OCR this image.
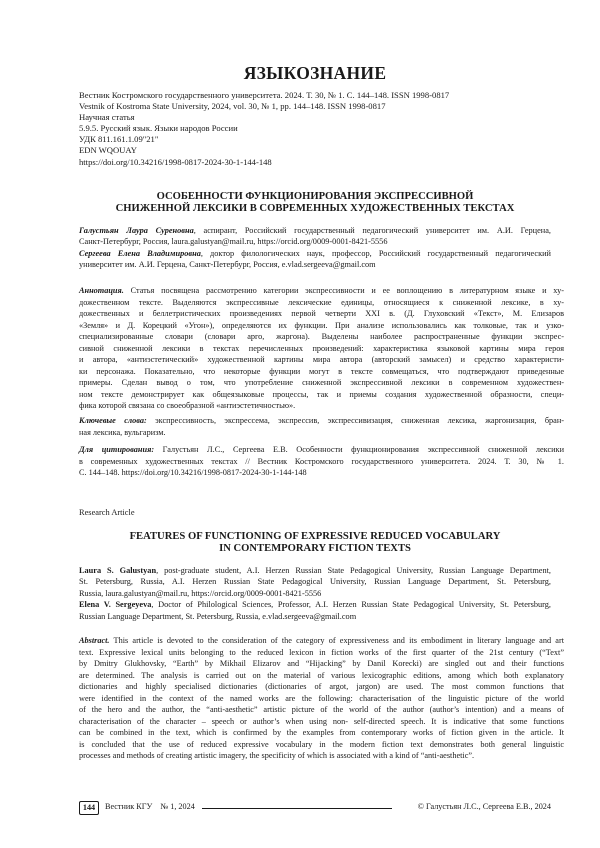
ЯЗЫКОЗНАНИЕ
Вестник Костромского государственного университета. 2024. Т. 30, № 1. С. 144–148. ISSN 1998-0817
Vestnik of Kostroma State University, 2024, vol. 30, № 1, pp. 144–148. ISSN 1998-0817
Научная статья
5.9.5. Русский язык. Языки народов России
УДК 811.161.1.09"21"
EDN WQOUAY
https://doi.org/10.34216/1998-0817-2024-30-1-144-148
ОСОБЕННОСТИ ФУНКЦИОНИРОВАНИЯ ЭКСПРЕССИВНОЙ
СНИЖЕННОЙ ЛЕКСИКИ В СОВРЕМЕННЫХ ХУДОЖЕСТВЕННЫХ ТЕКСТАХ
Галустьян Лаура Суреновна, аспирант, Российский государственный педагогический университет им. А.И. Герцена,
Санкт-Петербург, Россия, laura.galustyan@mail.ru, https://orcid.org/0009-0001-8421-5556
Сергеева Елена Владимировна, доктор филологических наук, профессор, Российский государственный педагогический
университет им. А.И. Герцена, Санкт-Петербург, Россия, e.vlad.sergeeva@gmail.com
Аннотация. Статья посвящена рассмотрению категории экспрессивности и ее воплощению в литературном языке и ху-
дожественном тексте. Выделяются экспрессивные лексические единицы, относящиеся к сниженной лексике, в ху-
дожественных и беллетристических произведениях первой четверти XXI в. (Д. Глуховский «Текст», М. Елизаров
«Земля» и Д. Корецкий «Угон»), определяются их функции. При анализе использовались как толковые, так и узко-
специализированные словари (словари арго, жаргона). Выделены наиболее распространенные функции экспрес-
сивной сниженной лексики в текстах перечисленных произведений: характеристика языковой картины мира героя
и автора, «антиэстетический» художественной картины мира автора (авторский замысел) и средство характеристи-
ки персонажа. Показательно, что некоторые функции могут в тексте совмещаться, что подтверждают приведенные
примеры. Сделан вывод о том, что употребление сниженной экспрессивной лексики в современном художествен-
ном тексте демонстрирует как общеязыковые процессы, так и приемы создания художественной образности, специ-
фика которой связана со своеобразной «антиэстетичностью».
Ключевые слова: экспрессивность, экспрессема, экспрессив, экспрессивизация, сниженная лексика, жаргонизация, бран-
ная лексика, вульгаризм.
Для цитирования: Галустьян Л.С., Сергеева Е.В. Особенности функционирования экспрессивной сниженной лексики
в современных художественных текстах // Вестник Костромского государственного университета. 2024. Т. 30, № 1.
С. 144–148. https://doi.org/10.34216/1998-0817-2024-30-1-144-148
Research Article
FEATURES OF FUNCTIONING OF EXPRESSIVE REDUCED VOCABULARY
IN CONTEMPORARY FICTION TEXTS
Laura S. Galustyan, post-graduate student, A.I. Herzen Russian State Pedagogical University, Russian Language Department,
St. Petersburg, Russia, A.I. Herzen Russian State Pedagogical University, Russian Language Department, St. Petersburg,
Russia, laura.galustyan@mail.ru, https://orcid.org/0009-0001-8421-5556
Elena V. Sergeyeva, Doctor of Philological Sciences, Professor, A.I. Herzen Russian State Pedagogical University, St. Petersburg,
Russian Language Department, St. Petersburg, Russia, e.vlad.sergeeva@gmail.com
Abstract. This article is devoted to the consideration of the category of expressiveness and its embodiment in literary language and art
text. Expressive lexical units belonging to the reduced lexicon in fiction works of the first quarter of the 21st century (“Text”
by Dmitry Glukhovsky, “Earth” by Mikhail Elizarov and “Hijacking” by Danil Korecki) are singled out and their functions
are determined. The analysis is carried out on the material of various lexicographic editions, among which both explanatory
dictionaries and highly specialised dictionaries (dictionaries of argot, jargon) are used. The most common functions that
were identified in the context of the named works are the following: characterisation of the linguistic picture of the world
of the hero and the author, the “anti-aesthetic” artistic picture of the world of the author (author’s intention) and a means of
characterisation of the character – speech or author’s when using non- self-directed speech. It is indicative that some functions
can be combined in the text, which is confirmed by the examples from contemporary works of fiction given in the article. It
is concluded that the use of reduced expressive vocabulary in the modern fiction text demonstrates both general linguistic
processes and methods of creating artistic imagery, the specificity of which is associated with a kind of “anti-aesthetic”.
144	Вестник КГУ № 1, 2024	© Галустьян Л.С., Сергеева Е.В., 2024
